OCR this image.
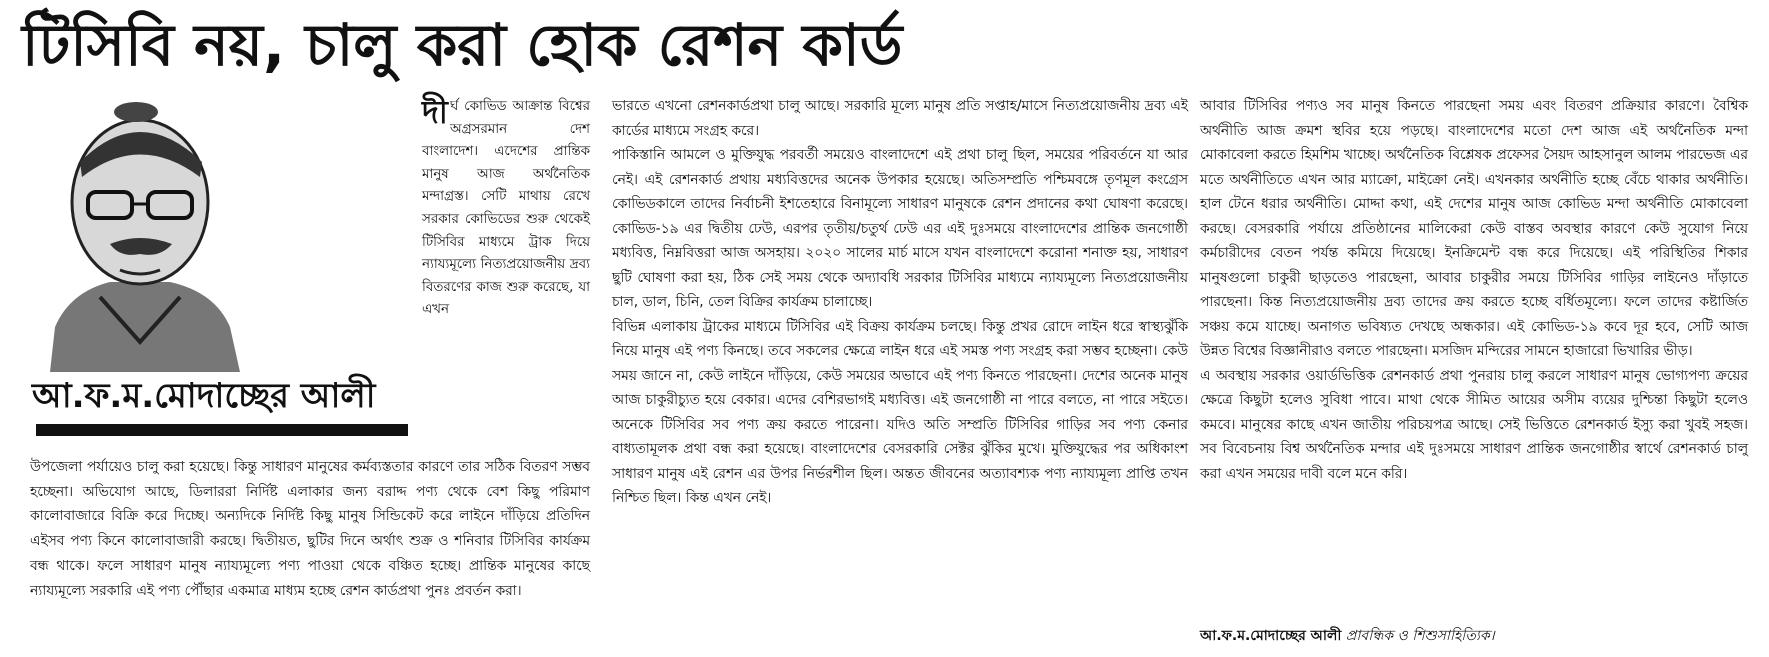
টিসিবি নয়, চালু করা হোক রেশন কার্ড
আ.ফ.ম.মোদাচ্ছের আলী
দী র্ঘ কোভিড আক্রান্ত বিশ্বের অগ্রসরমান দেশ বাংলাদেশ। এদেশের প্রান্তিক মানুষ আজ অর্থনৈতিক মন্দাগ্রস্ত। সেটি মাথায় রেখে সরকার কোভিডের শুরু থেকেই টিসিবির মাধ্যমে ট্রাক দিয়ে ন্যায্যমূল্যে নিত্যপ্রয়োজনীয় দ্রব্য বিতরণের কাজ শুরু করেছে, যা এখন
উপজেলা পর্যায়েও চালু করা হয়েছে। কিন্তু সাধারণ মানুষের কর্মব্যস্ততার কারণে তার সঠিক বিতরণ সম্ভব হচ্ছেনা। অভিযোগ আছে, ডিলাররা নির্দিষ্ট এলাকার জন্য বরাদ্দ পণ্য থেকে বেশ কিছু পরিমাণ কালোবাজারে বিক্রি করে দিচ্ছে। অন্যদিকে নির্দিষ্ট কিছু মানুষ সিন্ডিকেট করে লাইনে দাঁড়িয়ে প্রতিদিন এইসব পণ্য কিনে কালোবাজারী করছে। দ্বিতীয়ত, ছুটির দিনে অর্থাৎ শুক্র ও শনিবার টিসিবির কার্যক্রম বন্ধ থাকে। ফলে সাধারণ মানুষ ন্যায্যমূল্যে পণ্য পাওয়া থেকে বঞ্চিত হচ্ছে। প্রান্তিক মানুষের কাছে ন্যায্যমূল্যে সরকারি এই পণ্য পৌঁছার একমাত্র মাধ্যম হচ্ছে রেশন কার্ডপ্রথা পুনঃ প্রবর্তন করা।

ভারতে এখনো রেশনকার্ডপ্রথা চালু আছে। সরকারি মূল্যে মানুষ প্রতি সপ্তাহ/মাসে নিত্যপ্রয়োজনীয় দ্রব্য এই কার্ডের মাধ্যমে সংগ্রহ করে।

পাকিস্তানি আমলে ও মুক্তিযুদ্ধ পরবর্তী সময়েও বাংলাদেশে এই প্রথা চালু ছিল, সময়ের পরিবর্তনে যা আর নেই। এই রেশনকার্ড প্রথায় মধ্যবিত্তদের অনেক উপকার হয়েছে। অতিসম্প্রতি পশ্চিমবঙ্গে তৃণমূল কংগ্রেস কোভিডকালে তাদের নির্বাচনী ইশতেহারে বিনামূল্যে সাধারণ মানুষকে রেশন প্রদানের কথা ঘোষণা করেছে। কোভিড-১৯ এর দ্বিতীয় ঢেউ, এরপর তৃতীয়/চতুর্থ ঢেউ এর এই দুঃসময়ে বাংলাদেশের প্রান্তিক জনগোষ্ঠী মধ্যবিত্ত, নিম্নবিত্তরা আজ অসহায়। ২০২০ সালের মার্চ মাসে যখন বাংলাদেশে করোনা শনাক্ত হয়, সাধারণ ছুটি ঘোষণা করা হয়, ঠিক সেই সময় থেকে অদ্যাবধি সরকার টিসিবির মাধ্যমে ন্যায্যমূল্যে নিত্যপ্রয়োজনীয় চাল, ডাল, চিনি, তেল বিক্রির কার্যক্রম চালাচ্ছে।

বিভিন্ন এলাকায় ট্রাকের মাধ্যমে টিসিবির এই বিক্রয় কার্যক্রম চলছে। কিন্তু প্রখর রোদে লাইন ধরে স্বাস্থ্যঝুঁকি নিয়ে মানুষ এই পণ্য কিনছে। তবে সকলের ক্ষেত্রে লাইন ধরে এই সমস্ত পণ্য সংগ্রহ করা সম্ভব হচ্ছেনা। কেউ সময় জানে না, কেউ লাইনে দাঁড়িয়ে, কেউ সময়ের অভাবে এই পণ্য কিনতে পারছেনা। দেশের অনেক মানুষ আজ চাকুরীচ্যুত হয়ে বেকার। এদের বেশিরভাগই মধ্যবিত্ত। এই জনগোষ্ঠী না পারে বলতে, না পারে সইতে। অনেকে টিসিবির সব পণ্য ক্রয় করতে পারেনা। যদিও অতি সম্প্রতি টিসিবির গাড়ির সব পণ্য কেনার বাধ্যতামূলক প্রথা বন্ধ করা হয়েছে। বাংলাদেশের বেসরকারি সেক্টর ঝুঁকির মুখে। মুক্তিযুদ্ধের পর অধিকাংশ সাধারণ মানুষ এই রেশন এর উপর নির্ভরশীল ছিল। অন্তত জীবনের অত্যাবশ্যক পণ্য ন্যায্যমূল্য প্রাপ্তি তখন নিশ্চিত ছিল। কিন্ত এখন নেই।

আবার টিসিবির পণ্যও সব মানুষ কিনতে পারছেনা সময় এবং বিতরণ প্রক্রিয়ার কারণে। বৈশ্বিক অর্থনীতি আজ ক্রমশ স্থবির হয়ে পড়ছে। বাংলাদেশের মতো দেশ আজ এই অর্থনৈতিক মন্দা মোকাবেলা করতে হিমশিম খাচ্ছে। অর্থনৈতিক বিশ্লেষক প্রফেসর সৈয়দ আহসানুল আলম পারভেজ এর মতে অর্থনীতিতে এখন আর ম্যাক্রো, মাইক্রো নেই। এখনকার অর্থনীতি হচ্ছে বেঁচে থাকার অর্থনীতি। হাল টেনে ধরার অর্থনীতি। মোদ্দা কথা, এই দেশের মানুষ আজ কোভিড মন্দা অর্থনীতি মোকাবেলা করছে। বেসরকারি পর্যায়ে প্রতিষ্ঠানের মালিকেরা কেউ বাস্তব অবস্থার কারণে কেউ সুযোগ নিয়ে কর্মচারীদের বেতন পর্যন্ত কমিয়ে দিয়েছে। ইনক্রিমেন্ট বন্ধ করে দিয়েছে। এই পরিস্থিতির শিকার মানুষগুলো চাকুরী ছাড়তেও পারছেনা, আবার চাকুরীর সময়ে টিসিবির গাড়ির লাইনেও দাঁড়াতে পারছেনা। কিন্ত নিত্যপ্রয়োজনীয় দ্রব্য তাদের ক্রয় করতে হচ্ছে বর্ধিতমূল্যে। ফলে তাদের কষ্টার্জিত সঞ্চয় কমে যাচ্ছে। অনাগত ভবিষ্যত দেখছে অন্ধকার। এই কোভিড-১৯ কবে দূর হবে, সেটি আজ উন্নত বিশ্বের বিজ্ঞানীরাও বলতে পারছেনা। মসজিদ মন্দিরের সামনে হাজারো ভিখারির ভীড়।

এ অবস্থায় সরকার ওয়ার্ডভিত্তিক রেশনকার্ড প্রথা পুনরায় চালু করলে সাধারণ মানুষ ভোগ্যপণ্য ক্রয়ের ক্ষেত্রে কিছুটা হলেও সুবিধা পাবে। মাথা থেকে সীমিত আয়ের অসীম ব্যয়ের দুশ্চিন্তা কিছুটা হলেও কমবে। মানুষের কাছে এখন জাতীয় পরিচয়পত্র আছে। সেই ভিত্তিতে রেশনকার্ড ইস্যু করা খুবই সহজ। সব বিবেচনায় বিশ্ব অর্থনৈতিক মন্দার এই দুঃসময়ে সাধারণ প্রান্তিক জনগোষ্ঠীর স্বার্থে রেশনকার্ড চালু করা এখন সময়ের দাবী বলে মনে করি।

আ.ফ.ম.মোদাচ্ছের আলী প্রাবন্ধিক ও শিশুসাহিত্যিক।
